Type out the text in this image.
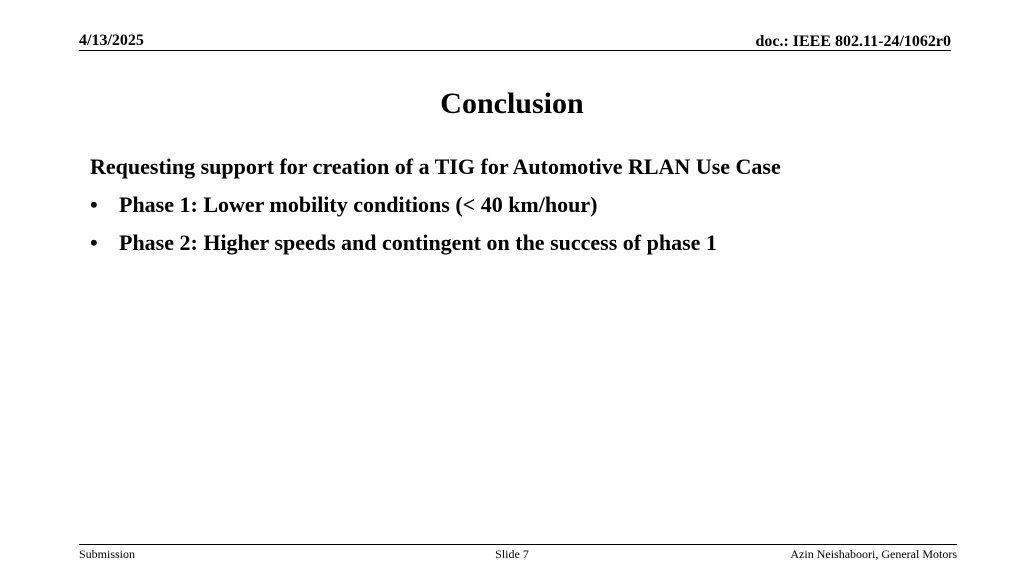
4/13/2025	doc.: IEEE 802.11-24/1062r0
Conclusion

Requesting support for creation of a TIG for Automotive RLAN Use Case

• Phase 1: Lower mobility conditions (< 40 km/hour)
• Phase 2: Higher speeds and contingent on the success of phase 1
Submission	Slide 7	Azin Neishaboori, General Motors
